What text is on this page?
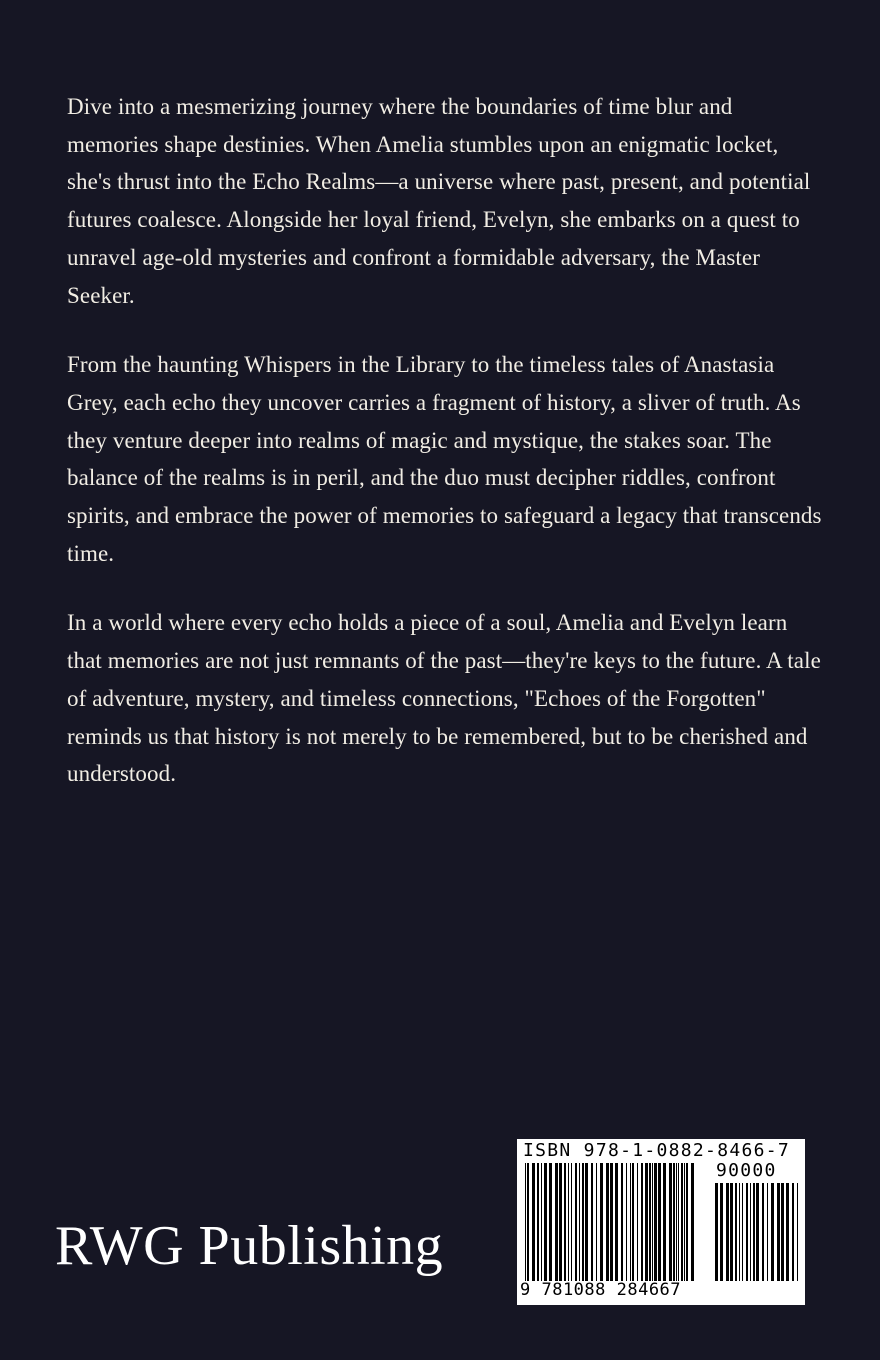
Dive into a mesmerizing journey where the boundaries of time blur and memories shape destinies. When Amelia stumbles upon an enigmatic locket, she's thrust into the Echo Realms—a universe where past, present, and potential futures coalesce. Alongside her loyal friend, Evelyn, she embarks on a quest to unravel age-old mysteries and confront a formidable adversary, the Master Seeker.

From the haunting Whispers in the Library to the timeless tales of Anastasia Grey, each echo they uncover carries a fragment of history, a sliver of truth. As they venture deeper into realms of magic and mystique, the stakes soar. The balance of the realms is in peril, and the duo must decipher riddles, confront spirits, and embrace the power of memories to safeguard a legacy that transcends time.

In a world where every echo holds a piece of a soul, Amelia and Evelyn learn that memories are not just remnants of the past—they're keys to the future. A tale of adventure, mystery, and timeless connections, "Echoes of the Forgotten" reminds us that history is not merely to be remembered, but to be cherished and understood.

RWG Publishing
ISBN 978-1-0882-8466-7
90000
9 781088 284667
